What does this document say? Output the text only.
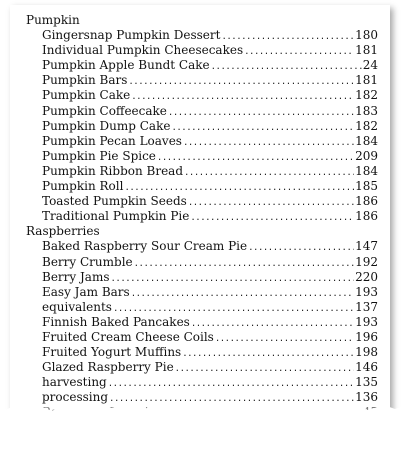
Pumpkin
Gingersnap Pumpkin Dessert .....	180
Individual Pumpkin Cheesecakes .....	181
Pumpkin Apple Bundt Cake .....	24
Pumpkin Bars .....	181
Pumpkin Cake .....	182
Pumpkin Coffeecake .....	183
Pumpkin Dump Cake .....	182
Pumpkin Pecan Loaves .....	184
Pumpkin Pie Spice .....	209
Pumpkin Ribbon Bread .....	184
Pumpkin Roll .....	185
Toasted Pumpkin Seeds .....	186
Traditional Pumpkin Pie .....	186
Raspberries
Baked Raspberry Sour Cream Pie .....	147
Berry Crumble .....	192
Berry Jams .....	220
Easy Jam Bars .....	193
equivalents .....	137
Finnish Baked Pancakes .....	193
Fruited Cream Cheese Coils .....	196
Fruited Yogurt Muffins .....	198
Glazed Raspberry Pie .....	146
harvesting .....	135
processing .....	136
.....
